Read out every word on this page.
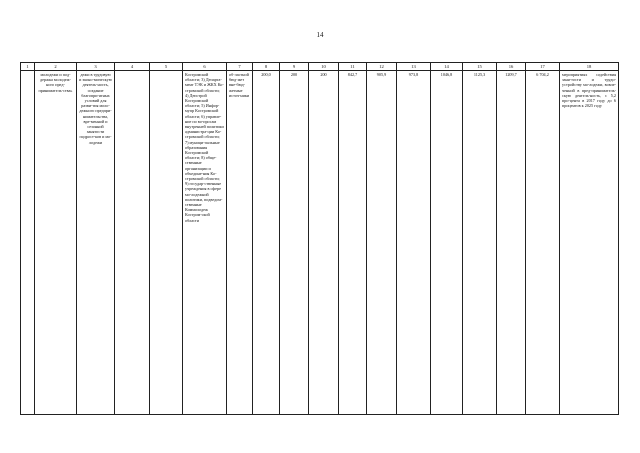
14
1	2	3	4	5	6	7	8	9	10	11	12	13	14	15	16	17	18
	молодежи и под-держка молодеж-ного пред-приниматель-ства»	дежи в трудовую и эконо-мическую деятель-ность, создание благопри-ятных условий для разви-тия моло-дежного предпри-нимательства, вре-менной и сезонной занятости подрост-ков и мо-лодежи			Костромской области; 3) Департа-мент ТЭК и ЖКХ Ко-стромской области; 4) Депстрой Костромской области; 5) Инфор-мупр Костромской области; 6) управле-ние по во-просам внутренней политики администра-ции Ко-стромской области; 7) муници-пальные образования Костромской области; 8) обще-ственные организации и объедине-ния Ко-стромской области; 9) государ-ственные учреждения в сфере мо-лодежной политики, подведом-ственные Коммолодеж Костром-ской области	об-ластной бюд-жет вне-бюд-жетные источ-ники	200,0	200	200	842,7	905,9	973,8	1046,8	1125,3	1209,7	6 704,2	мероприятиях содействия заня-тости и трудо-устройству мо-лодежи, вовле-ченной в пред-приниматель-скую деятель-ность, с 5,2 про-цента в 2017 году до 6 процентов к 2025 году
